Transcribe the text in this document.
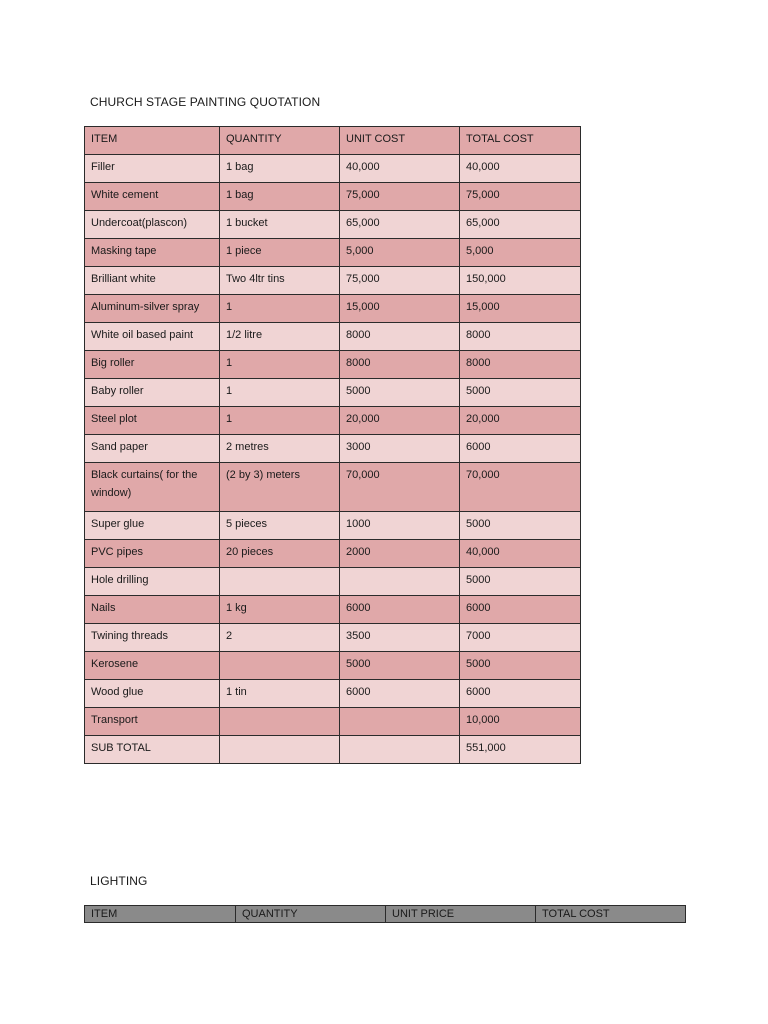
CHURCH STAGE PAINTING QUOTATION
ITEM	QUANTITY	UNIT COST	TOTAL COST
Filler	1 bag	40,000	40,000
White cement	1 bag	75,000	75,000
Undercoat(plascon)	1 bucket	65,000	65,000
Masking tape	1 piece	5,000	5,000
Brilliant white	Two 4ltr tins	75,000	150,000
Aluminum-silver spray	1	15,000	15,000
White oil based paint	1/2 litre	8000	8000
Big roller	1	8000	8000
Baby roller	1	5000	5000
Steel plot	1	20,000	20,000
Sand paper	2 metres	3000	6000
Black curtains( for the window)	(2 by 3) meters	70,000	70,000
Super glue	5 pieces	1000	5000
PVC pipes	20 pieces	2000	40,000
Hole drilling			5000
Nails	1 kg	6000	6000
Twining threads	2	3500	7000
Kerosene		5000	5000
Wood glue	1 tin	6000	6000
Transport			10,000
SUB TOTAL			551,000
LIGHTING
ITEM	QUANTITY	UNIT PRICE	TOTAL COST
